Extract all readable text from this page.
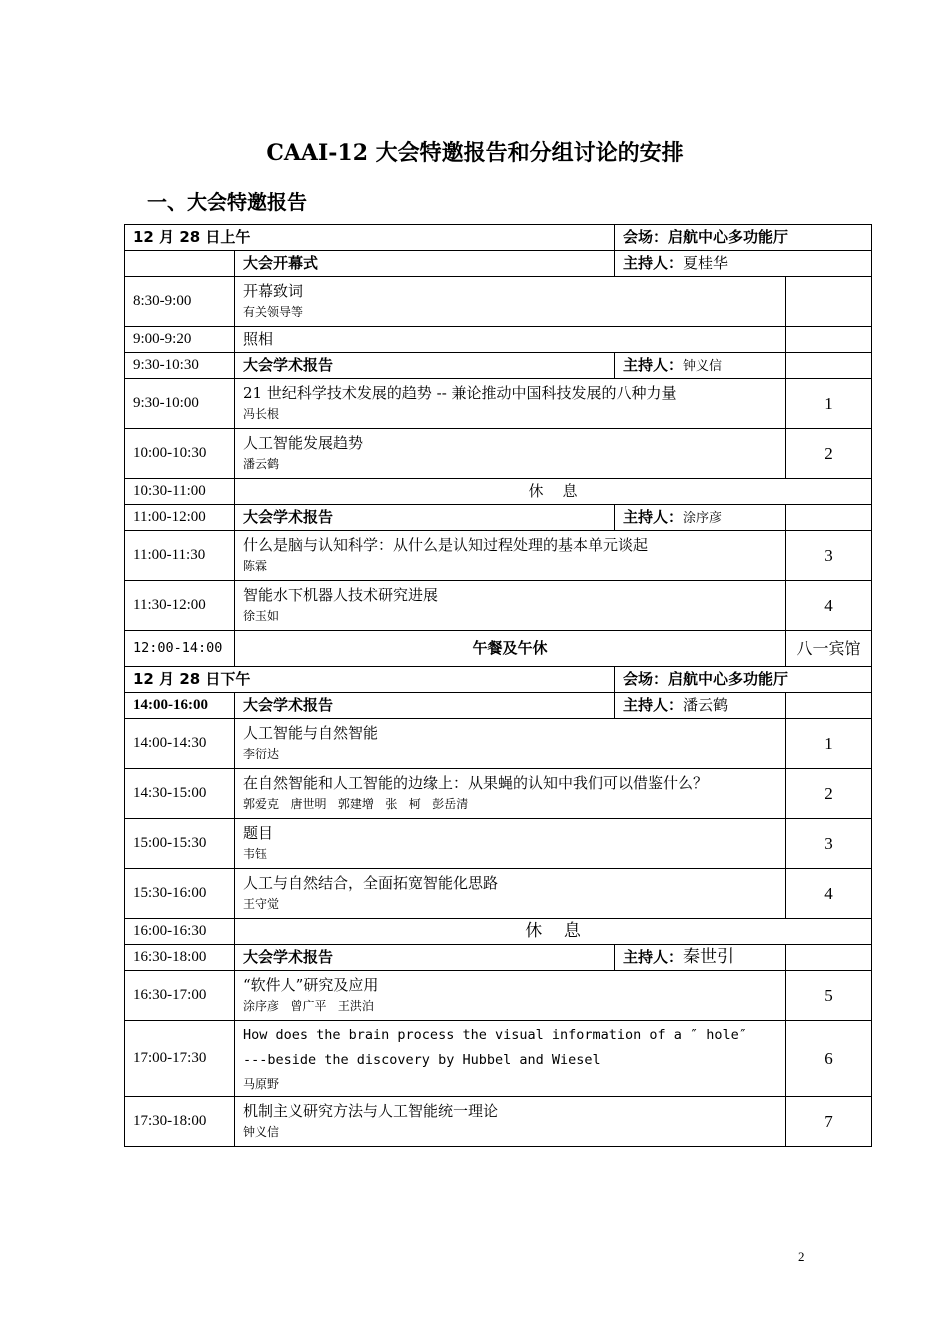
CAAI-12 大会特邀报告和分组讨论的安排
一、大会特邀报告
12 月 28 日上午		会场：启航中心多功能厅	
	大会开幕式	主持人：夏桂华	
8:30-9:00	开幕致词
有关领导等		

9:00-9:20	照相		

9:30-10:30	大会学术报告	主持人：钟义信	
9:30-10:00	21 世纪科学技术发展的趋势 -- 兼论推动中国科技发展的八种力量
冯长根		1
10:00-10:30	人工智能发展趋势
潘云鹤		2
10:30-11:00	休    息		
11:00-12:00	大会学术报告	主持人：涂序彦	
11:00-11:30	什么是脑与认知科学：从什么是认知过程处理的基本单元谈起
陈霖		3
11:30-12:00	智能水下机器人技术研究进展
徐玉如		4
12:00-14:00	午餐及午休		八一宾馆
12 月 28 日下午		会场：启航中心多功能厅	
14:00-16:00	大会学术报告	主持人：潘云鹤	
14:00-14:30	人工智能与自然智能
李衍达		1
14:30-15:00	在自然智能和人工智能的边缘上：从果蝇的认知中我们可以借鉴什么？
郭爱克   唐世明   郭建增   张   柯   彭岳清		2
15:00-15:30	题目
韦钰		3
15:30-16:00	人工与自然结合，全面拓宽智能化思路
王守觉		4
16:00-16:30	休    息		
16:30-18:00	大会学术报告	主持人：秦世引	
16:30-17:00	“软件人”研究及应用
涂序彦   曾广平   王洪泊		5
17:00-17:30	How does the brain process the visual information of a ″ hole″
---beside the discovery by Hubbel and Wiesel
马原野		6
17:30-18:00	机制主义研究方法与人工智能统一理论
钟义信		7
2
